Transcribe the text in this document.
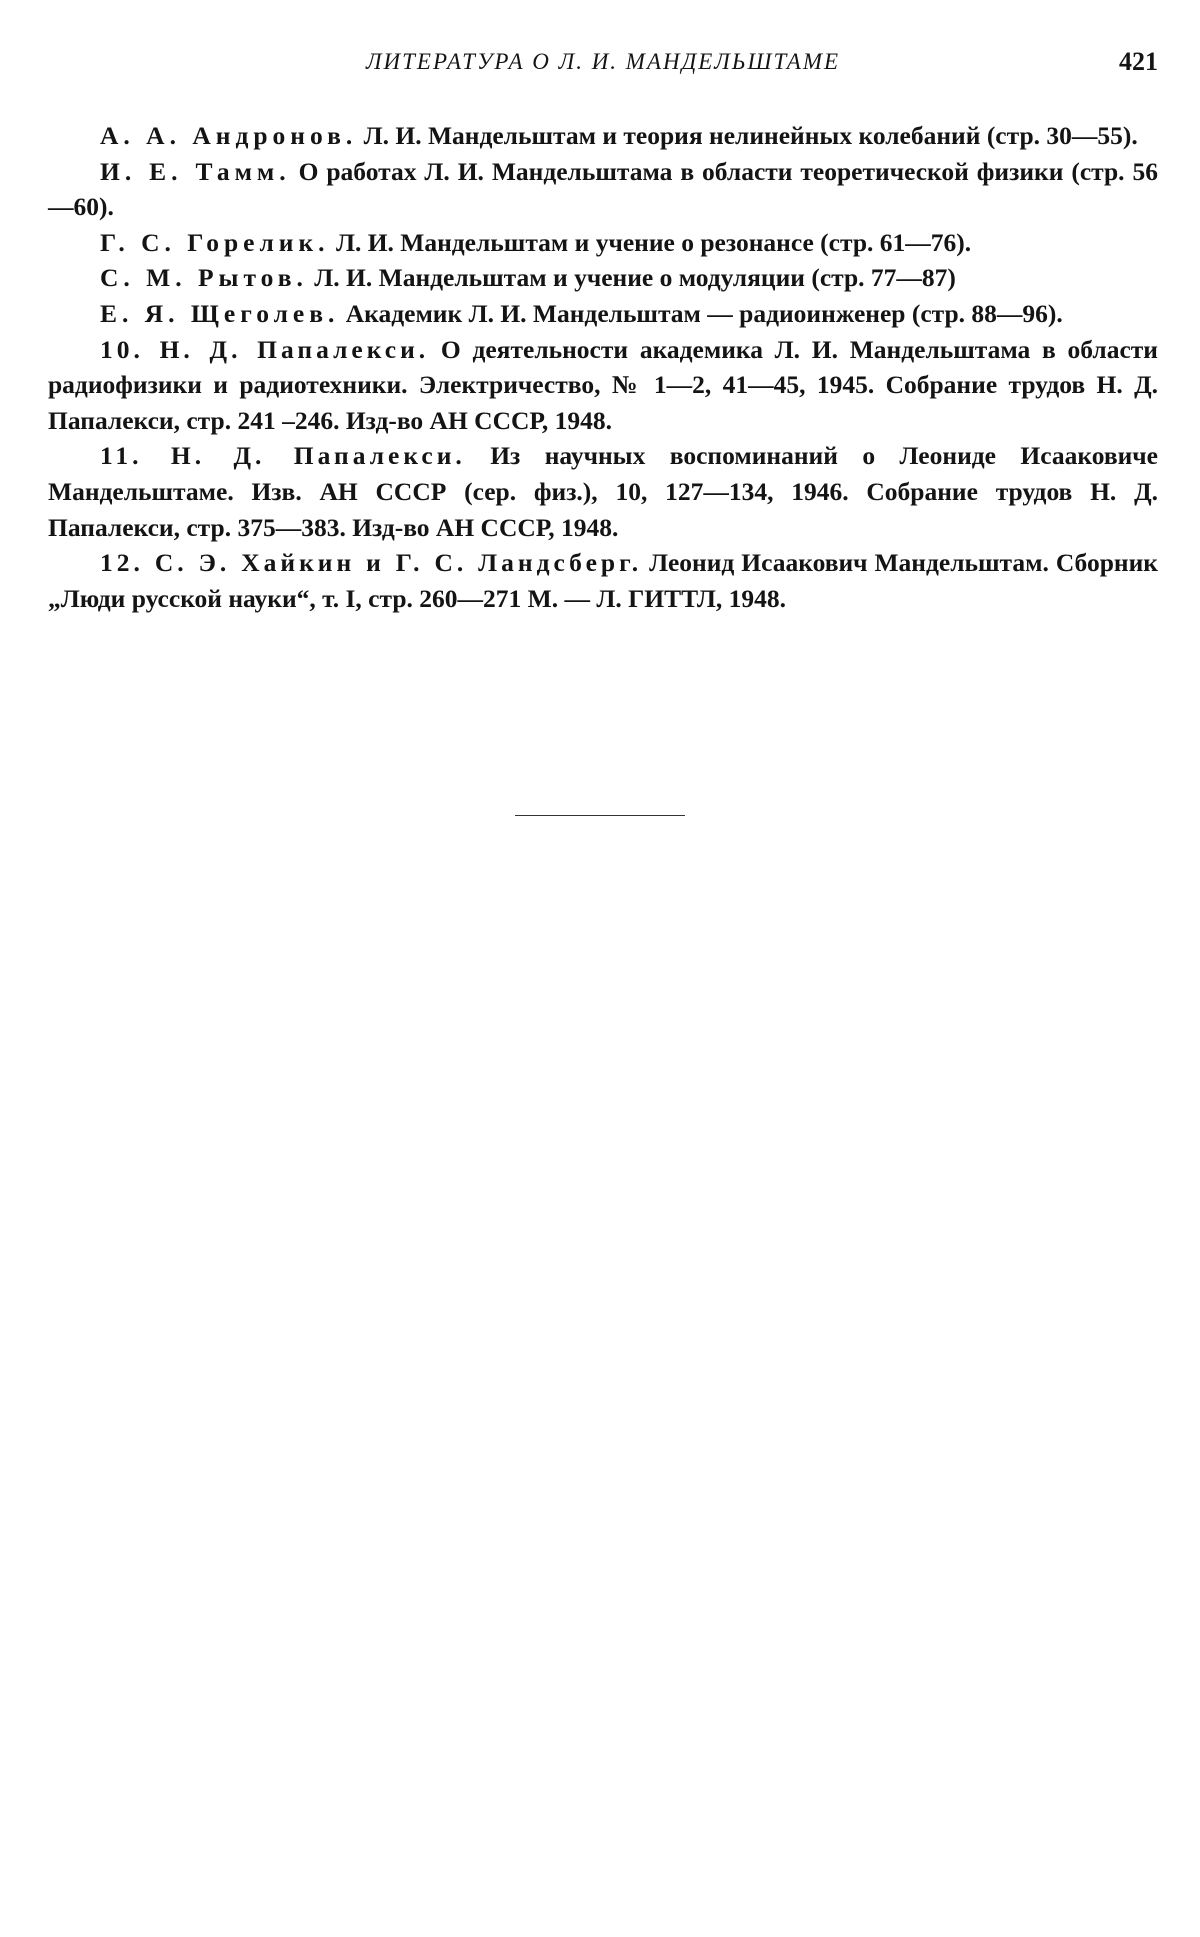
ЛИТЕРАТУРА О Л. И. МАНДЕЛЬШТАМЕ	421

А. А. Андронов. Л. И. Мандельштам и теория нелинейных колебаний (стр. 30—55).

И. Е. Тамм. О работах Л. И. Мандельштама в области теоретической физики (стр. 56—60).

Г. С. Горелик. Л. И. Мандельштам и учение о резонансе (стр. 61—76).

С. М. Рытов. Л. И. Мандельштам и учение о модуляции (стр. 77—87)

Е. Я. Щеголев. Академик Л. И. Мандельштам — радиоинженер (стр. 88—96).

10. Н. Д. Папалекси. О деятельности академика Л. И. Мандельштама в области радиофизики и радиотехники. Электричество, № 1—2, 41—45, 1945. Собрание трудов Н. Д. Папалекси, стр. 241 –246. Изд-во АН СССР, 1948.

11. Н. Д. Папалекси. Из научных воспоминаний о Леониде Исааковиче Мандельштаме. Изв. АН СССР (сер. физ.), 10, 127—134, 1946. Собрание трудов Н. Д. Папалекси, стр. 375—383. Изд-во АН СССР, 1948.

12. С. Э. Хайкин и Г. С. Ландсберг. Леонид Исаакович Мандельштам. Сборник „Люди русской науки“, т. I, стр. 260—271 М. — Л. ГИТТЛ, 1948.
